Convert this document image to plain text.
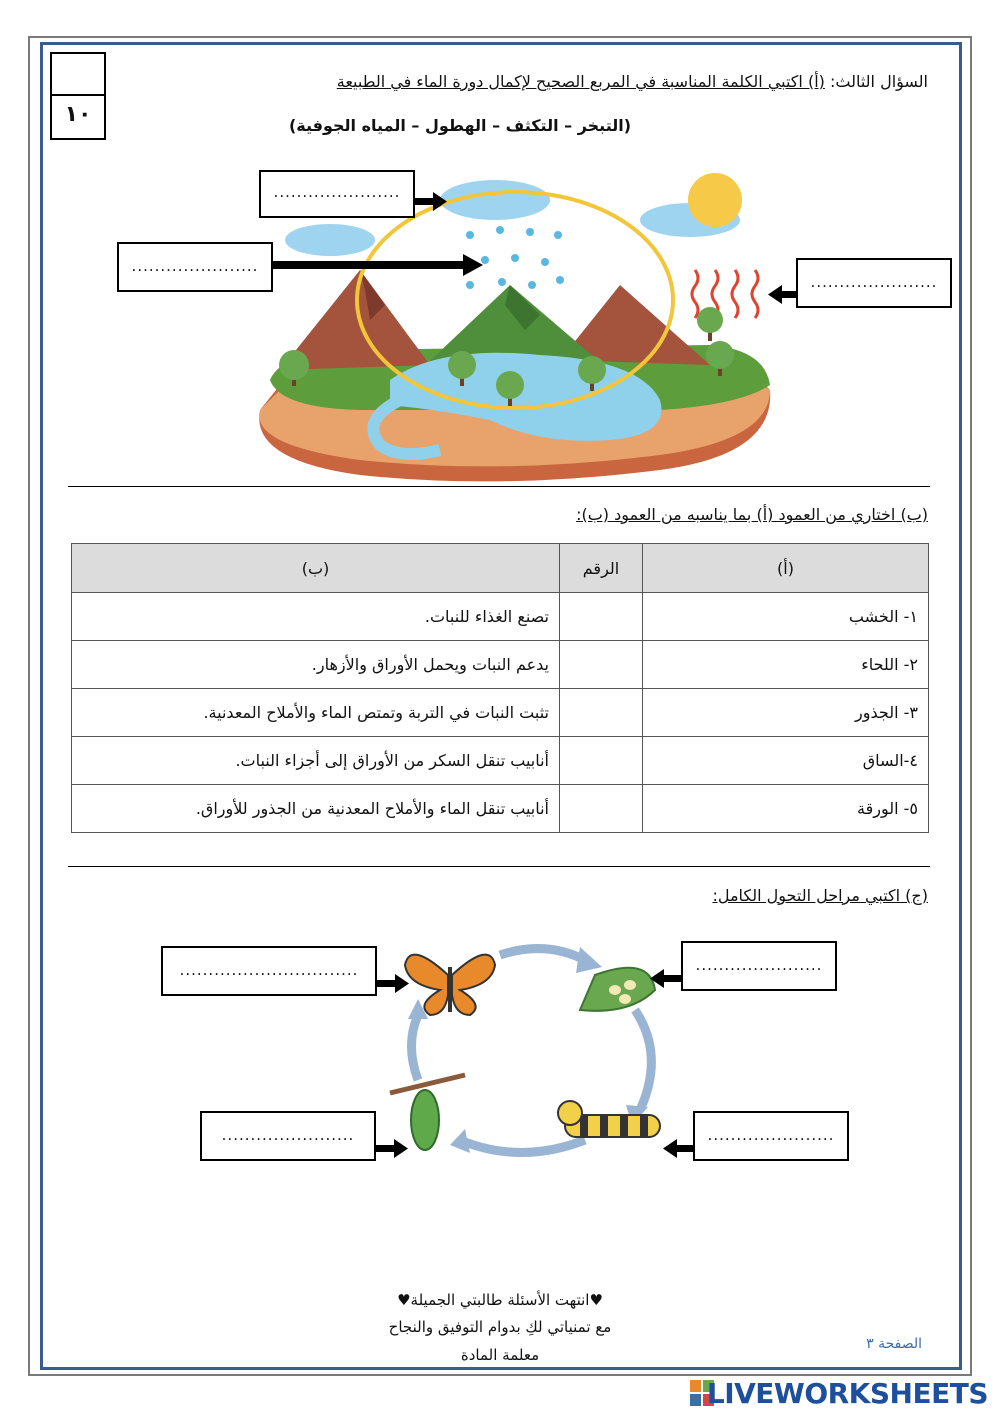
١٠
السؤال الثالث: (أ) اكتبي الكلمة المناسبة في المربع الصحيح لإكمال دورة الماء في الطبيعة
(التبخر – التكثف – الهطول – المياه الجوفية)
......................
......................
......................
(ب) اختاري من العمود (أ) بما يناسبه من العمود (ب):
(أ)	الرقم	(ب)
١- الخشب		تصنع الغذاء للنبات.
٢- اللحاء		يدعم النبات ويحمل الأوراق والأزهار.
٣- الجذور		تثبت النبات في التربة وتمتص الماء والأملاح المعدنية.
٤-الساق		أنابيب تنقل السكر من الأوراق إلى أجزاء النبات.
٥- الورقة		أنابيب تنقل الماء والأملاح المعدنية من الجذور للأوراق.
(ج) اكتبي مراحل التحول الكامل:
...............................	......................
.......................	......................
♥انتهت الأسئلة طالبتي الجميلة♥
مع تمنياتي لكِ بدوام التوفيق والنجاح
معلمة المادة
الصفحة ٣
LIVEWORKSHEETS
